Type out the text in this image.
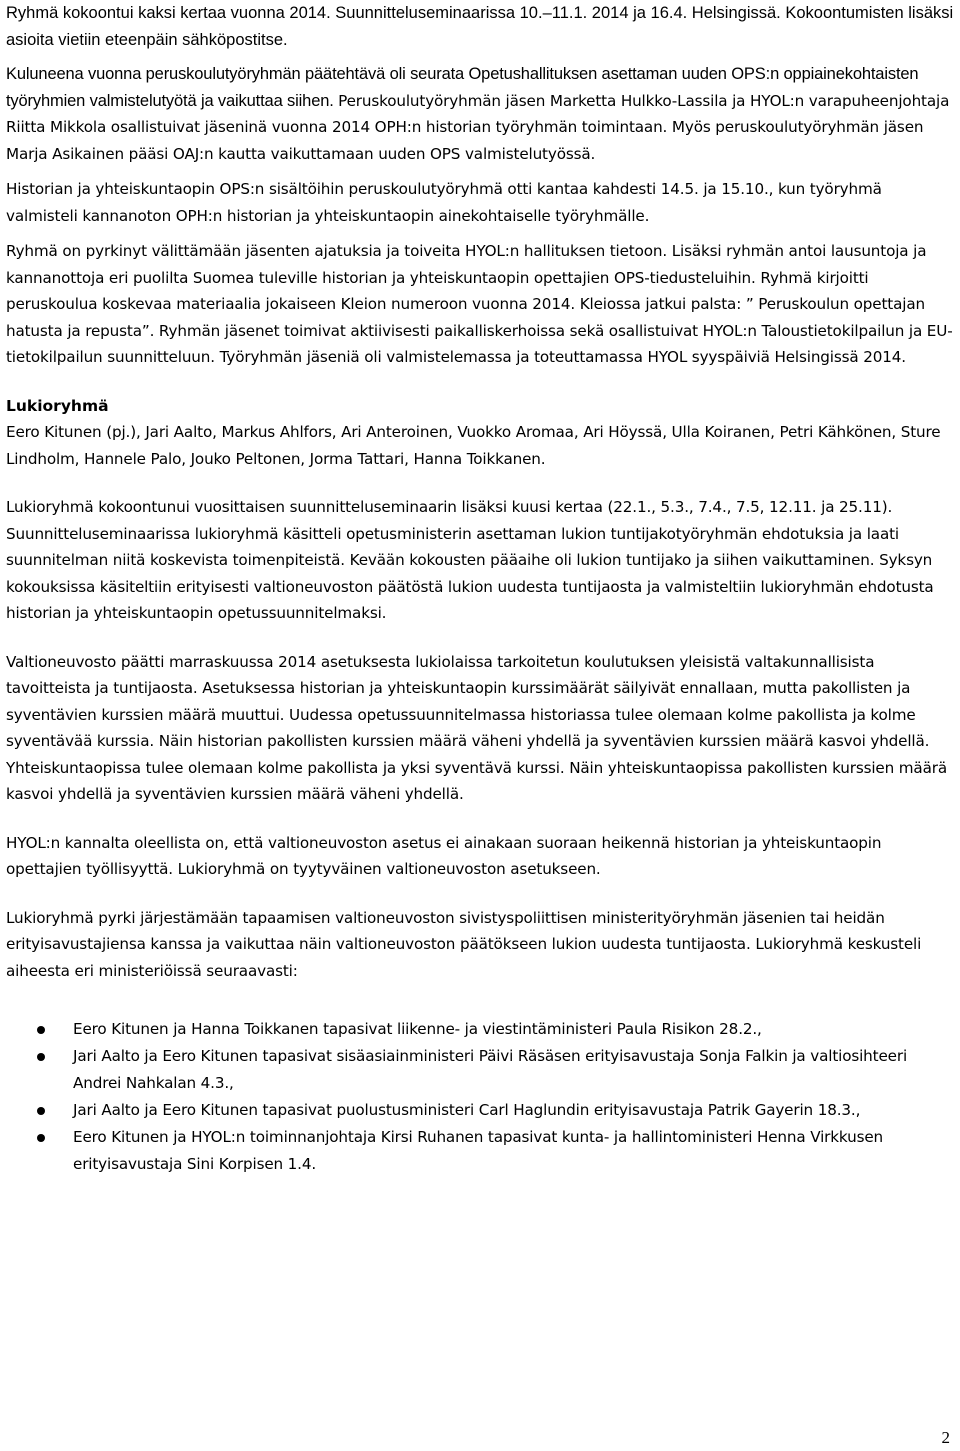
Ryhmä kokoontui kaksi kertaa vuonna 2014. Suunnitteluseminaarissa 10.–11.1. 2014 ja 16.4. Helsingissä. Kokoontumisten lisäksi asioita vietiin eteenpäin sähköpostitse.

Kuluneena vuonna peruskoulutyöryhmän päätehtävä oli seurata Opetushallituksen asettaman uuden OPS:n oppiainekohtaisten työryhmien valmistelutyötä ja vaikuttaa siihen. Peruskoulutyöryhmän jäsen Marketta Hulkko-Lassila ja HYOL:n varapuheenjohtaja Riitta Mikkola osallistuivat jäseninä vuonna 2014 OPH:n historian työryhmän toimintaan. Myös peruskoulutyöryhmän jäsen Marja Asikainen pääsi OAJ:n kautta vaikuttamaan uuden OPS valmistelutyössä.

Historian ja yhteiskuntaopin OPS:n sisältöihin peruskoulutyöryhmä otti kantaa kahdesti 14.5. ja 15.10., kun työryhmä valmisteli kannanoton OPH:n historian ja yhteiskuntaopin ainekohtaiselle työryhmälle.

Ryhmä on pyrkinyt välittämään jäsenten ajatuksia ja toiveita HYOL:n hallituksen tietoon. Lisäksi ryhmän antoi lausuntoja ja kannanottoja eri puolilta Suomea tuleville historian ja yhteiskuntaopin opettajien OPS-tiedusteluihin. Ryhmä kirjoitti peruskoulua koskevaa materiaalia jokaiseen Kleion numeroon vuonna 2014. Kleiossa jatkui palsta: ” Peruskoulun opettajan hatusta ja repusta”. Ryhmän jäsenet toimivat aktiivisesti paikalliskerhoissa sekä osallistuivat HYOL:n Taloustietokilpailun ja EU-tietokilpailun suunnitteluun. Työryhmän jäseniä oli valmistelemassa ja toteuttamassa HYOL syyspäiviä Helsingissä 2014.

Lukioryhmä

Eero Kitunen (pj.), Jari Aalto, Markus Ahlfors, Ari Anteroinen, Vuokko Aromaa, Ari Höyssä, Ulla Koiranen, Petri Kähkönen, Sture Lindholm, Hannele Palo, Jouko Peltonen, Jorma Tattari, Hanna Toikkanen.

Lukioryhmä kokoontunui vuosittaisen suunnitteluseminaarin lisäksi kuusi kertaa (22.1., 5.3., 7.4., 7.5, 12.11. ja 25.11). Suunnitteluseminaarissa lukioryhmä käsitteli opetusministerin asettaman lukion tuntijakotyöryhmän ehdotuksia ja laati suunnitelman niitä koskevista toimenpiteistä. Kevään kokousten pääaihe oli lukion tuntijako ja siihen vaikuttaminen. Syksyn kokouksissa käsiteltiin erityisesti valtioneuvoston päätöstä lukion uudesta tuntijaosta ja valmisteltiin lukioryhmän ehdotusta historian ja yhteiskuntaopin opetussuunnitelmaksi.

Valtioneuvosto päätti marraskuussa 2014 asetuksesta lukiolaissa tarkoitetun koulutuksen yleisistä valtakunnallisista tavoitteista ja tuntijaosta. Asetuksessa historian ja yhteiskuntaopin kurssimäärät säilyivät ennallaan, mutta pakollisten ja syventävien kurssien määrä muuttui. Uudessa opetussuunnitelmassa historiassa tulee olemaan kolme pakollista ja kolme syventävää kurssia. Näin historian pakollisten kurssien määrä väheni yhdellä ja syventävien kurssien määrä kasvoi yhdellä. Yhteiskuntaopissa tulee olemaan kolme pakollista ja yksi syventävä kurssi. Näin yhteiskuntaopissa pakollisten kurssien määrä kasvoi yhdellä ja syventävien kurssien määrä väheni yhdellä.

HYOL:n kannalta oleellista on, että valtioneuvoston asetus ei ainakaan suoraan heikennä historian ja yhteiskuntaopin opettajien työllisyyttä. Lukioryhmä on tyytyväinen valtioneuvoston asetukseen.

Lukioryhmä pyrki järjestämään tapaamisen valtioneuvoston sivistyspoliittisen ministerityöryhmän jäsenien tai heidän erityisavustajiensa kanssa ja vaikuttaa näin valtioneuvoston päätökseen lukion uudesta tuntijaosta. Lukioryhmä keskusteli aiheesta eri ministeriöissä seuraavasti:

Eero Kitunen ja Hanna Toikkanen tapasivat liikenne- ja viestintäministeri Paula Risikon 28.2.,
Jari Aalto ja Eero Kitunen tapasivat sisäasiainministeri Päivi Räsäsen erityisavustaja Sonja Falkin ja valtiosihteeri Andrei Nahkalan 4.3.,
Jari Aalto ja Eero Kitunen tapasivat puolustusministeri Carl Haglundin erityisavustaja Patrik Gayerin 18.3.,
Eero Kitunen ja HYOL:n toiminnanjohtaja Kirsi Ruhanen tapasivat kunta- ja hallintoministeri Henna Virkkusen erityisavustaja Sini Korpisen 1.4.
2
